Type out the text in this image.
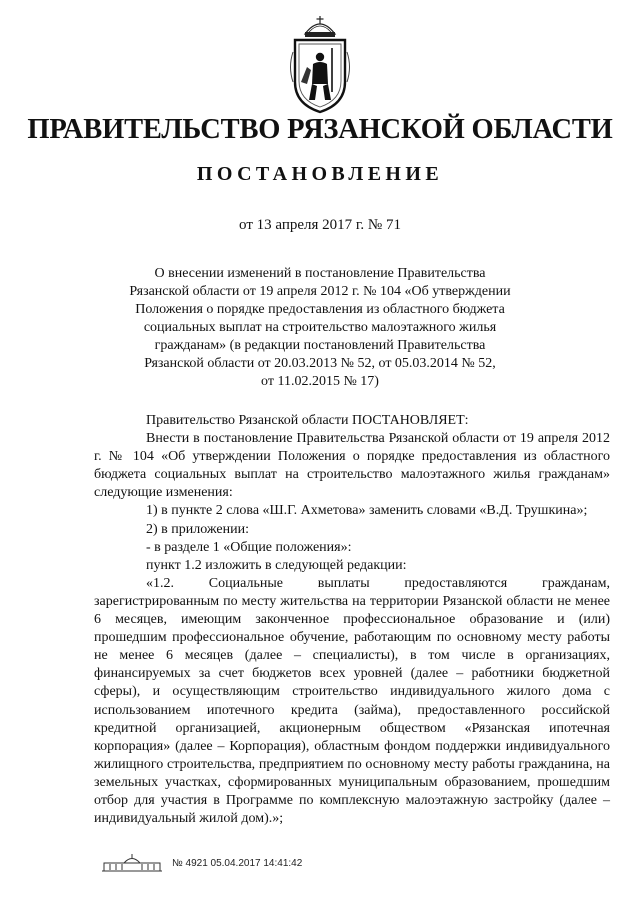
ПРАВИТЕЛЬСТВО РЯЗАНСКОЙ ОБЛАСТИ
ПОСТАНОВЛЕНИЕ
от 13 апреля 2017 г. № 71
О внесении изменений в постановление Правительства
Рязанской области от 19 апреля 2012 г. № 104 «Об утверждении
Положения о порядке предоставления из областного бюджета
социальных выплат на строительство малоэтажного жилья
гражданам» (в редакции постановлений Правительства
Рязанской области от 20.03.2013 № 52, от 05.03.2014 № 52,
от 11.02.2015 № 17)

Правительство Рязанской области ПОСТАНОВЛЯЕТ:

Внести в постановление Правительства Рязанской области от 19 апреля 2012 г. № 104 «Об утверждении Положения о порядке предоставления из областного бюджета социальных выплат на строительство малоэтажного жилья гражданам» следующие изменения:

1) в пункте 2 слова «Ш.Г. Ахметова» заменить словами «В.Д. Трушкина»;

2) в приложении:

- в разделе 1 «Общие положения»:

пункт 1.2 изложить в следующей редакции:

«1.2. Социальные выплаты предоставляются гражданам, зарегистрированным по месту жительства на территории Рязанской области не менее 6 месяцев, имеющим законченное профессиональное образование и (или) прошедшим профессиональное обучение, работающим по основному месту работы не менее 6 месяцев (далее – специалисты), в том числе в организациях, финансируемых за счет бюджетов всех уровней (далее – работники бюджетной сферы), и осуществляющим строительство индивидуального жилого дома с использованием ипотечного кредита (займа), предоставленного российской кредитной организацией, акционерным обществом «Рязанская ипотечная корпорация» (далее – Корпорация), областным фондом поддержки индивидуального жилищного строительства, предприятием по основному месту работы гражданина, на земельных участках, сформированных муниципальным образованием, прошедшим отбор для участия в Программе по комплексную малоэтажную застройку (далее – индивидуальный жилой дом).»;

№ 4921 05.04.2017 14:41:42
